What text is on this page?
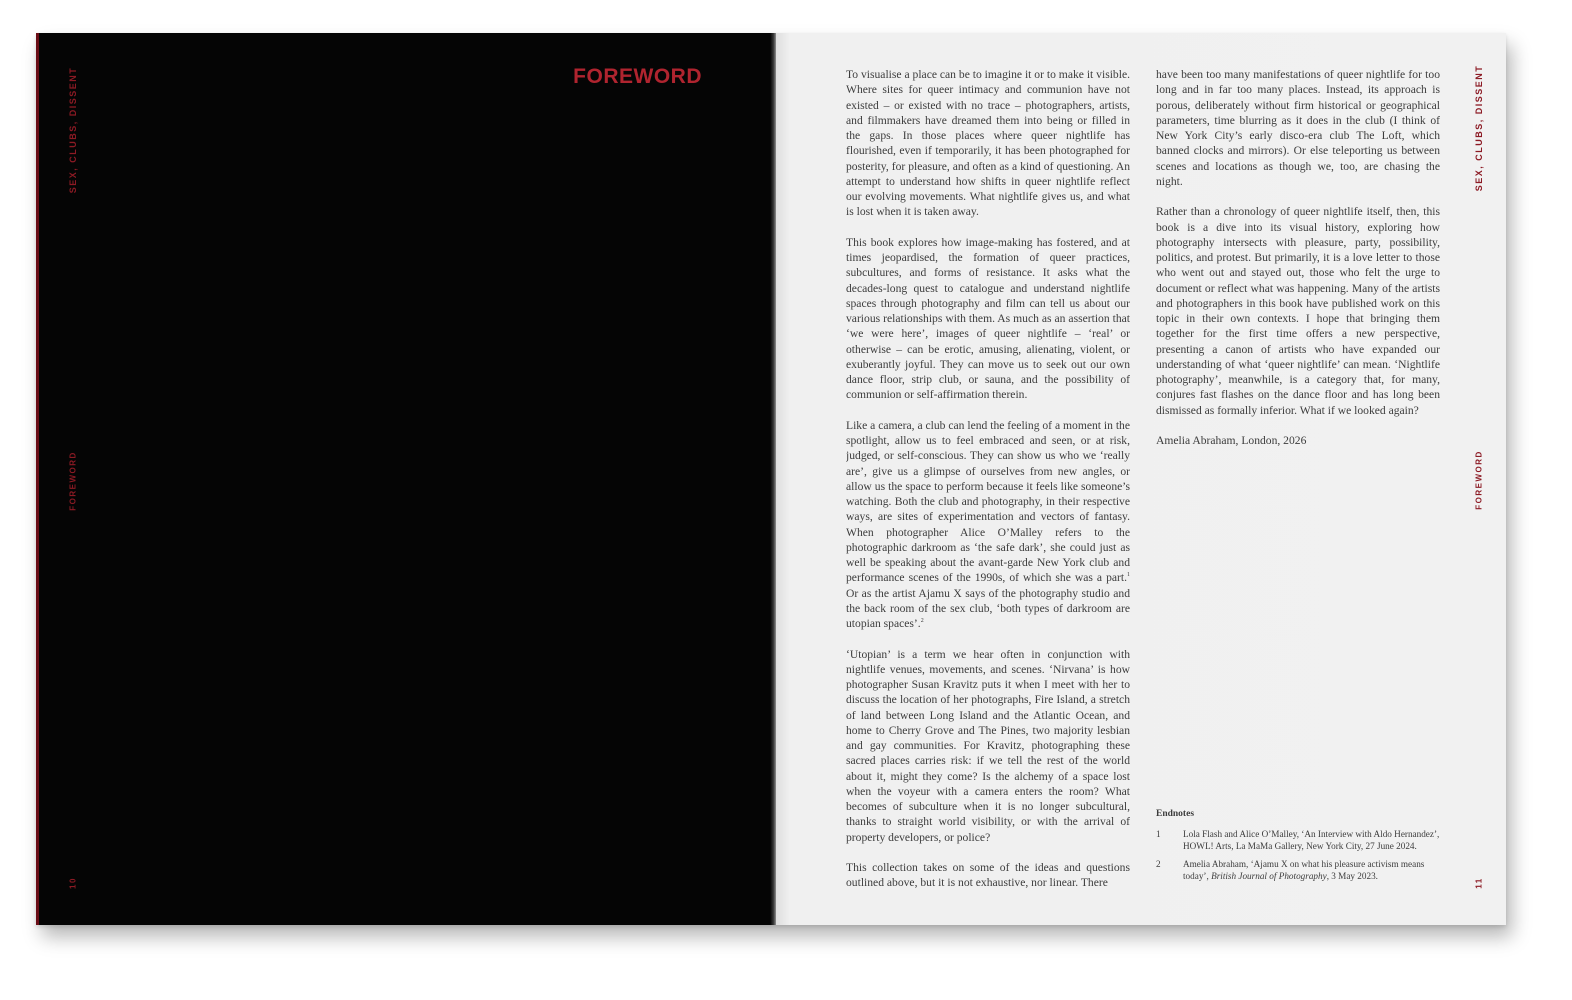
SEX, CLUBS, DISSENT
FOREWORD
10
FOREWORD	To visualise a place can be to imagine it or to make it visible. Where sites for queer intimacy and communion have not existed – or existed with no trace – photographers, artists, and filmmakers have dreamed them into being or filled in the gaps. In those places where queer nightlife has flourished, even if temporarily, it has been photographed for posterity, for pleasure, and often as a kind of questioning. An attempt to understand how shifts in queer nightlife reflect our evolving movements. What nightlife gives us, and what is lost when it is taken away.

This book explores how image-making has fostered, and at times jeopardised, the formation of queer practices, subcultures, and forms of resistance. It asks what the decades-long quest to catalogue and understand nightlife spaces through photography and film can tell us about our various relationships with them. As much as an assertion that ‘we were here’, images of queer nightlife – ‘real’ or otherwise – can be erotic, amusing, alienating, violent, or exuberantly joyful. They can move us to seek out our own dance floor, strip club, or sauna, and the possibility of communion or self-affirmation therein.

Like a camera, a club can lend the feeling of a moment in the spotlight, allow us to feel embraced and seen, or at risk, judged, or self-conscious. They can show us who we ‘really are’, give us a glimpse of ourselves from new angles, or allow us the space to perform because it feels like someone’s watching. Both the club and photography, in their respective ways, are sites of experimentation and vectors of fantasy. When photographer Alice O’Malley refers to the photographic darkroom as ‘the safe dark’, she could just as well be speaking about the avant-garde New York club and performance scenes of the 1990s, of which she was a part.$^1$ Or as the artist Ajamu X says of the photography studio and the back room of the sex club, ‘both types of darkroom are utopian spaces’.$^2$

‘Utopian’ is a term we hear often in conjunction with nightlife venues, movements, and scenes. ‘Nirvana’ is how photographer Susan Kravitz puts it when I meet with her to discuss the location of her photographs, Fire Island, a stretch of land between Long Island and the Atlantic Ocean, and home to Cherry Grove and The Pines, two majority lesbian and gay communities. For Kravitz, photographing these sacred places carries risk: if we tell the rest of the world about it, might they come? Is the alchemy of a space lost when the voyeur with a camera enters the room? What becomes of subculture when it is no longer subcultural, thanks to straight world visibility, or with the arrival of property developers, or police?

This collection takes on some of the ideas and questions outlined above, but it is not exhaustive, nor linear. There

have been too many manifestations of queer nightlife for too long and in far too many places. Instead, its approach is porous, deliberately without firm historical or geographical parameters, time blurring as it does in the club (I think of New York City’s early disco-era club The Loft, which banned clocks and mirrors). Or else teleporting us between scenes and locations as though we, too, are chasing the night.

Rather than a chronology of queer nightlife itself, then, this book is a dive into its visual history, exploring how photography intersects with pleasure, party, possibility, politics, and protest. But primarily, it is a love letter to those who went out and stayed out, those who felt the urge to document or reflect what was happening. Many of the artists and photographers in this book have published work on this topic in their own contexts. I hope that bringing them together for the first time offers a new perspective, presenting a canon of artists who have expanded our understanding of what ‘queer nightlife’ can mean. ‘Nightlife photography’, meanwhile, is a category that, for many, conjures fast flashes on the dance floor and has long been dismissed as formally inferior. What if we looked again?

Amelia Abraham, London, 2026

Endnotes
1	Lola Flash and Alice O’Malley, ‘An Interview with Aldo Hernandez’, HOWL! Arts, La MaMa Gallery, New York City, 27 June 2024.
2	Amelia Abraham, ‘Ajamu X on what his pleasure activism means today’, British Journal of Photography, 3 May 2023.
SEX, CLUBS, DISSENT
FOREWORD
11
